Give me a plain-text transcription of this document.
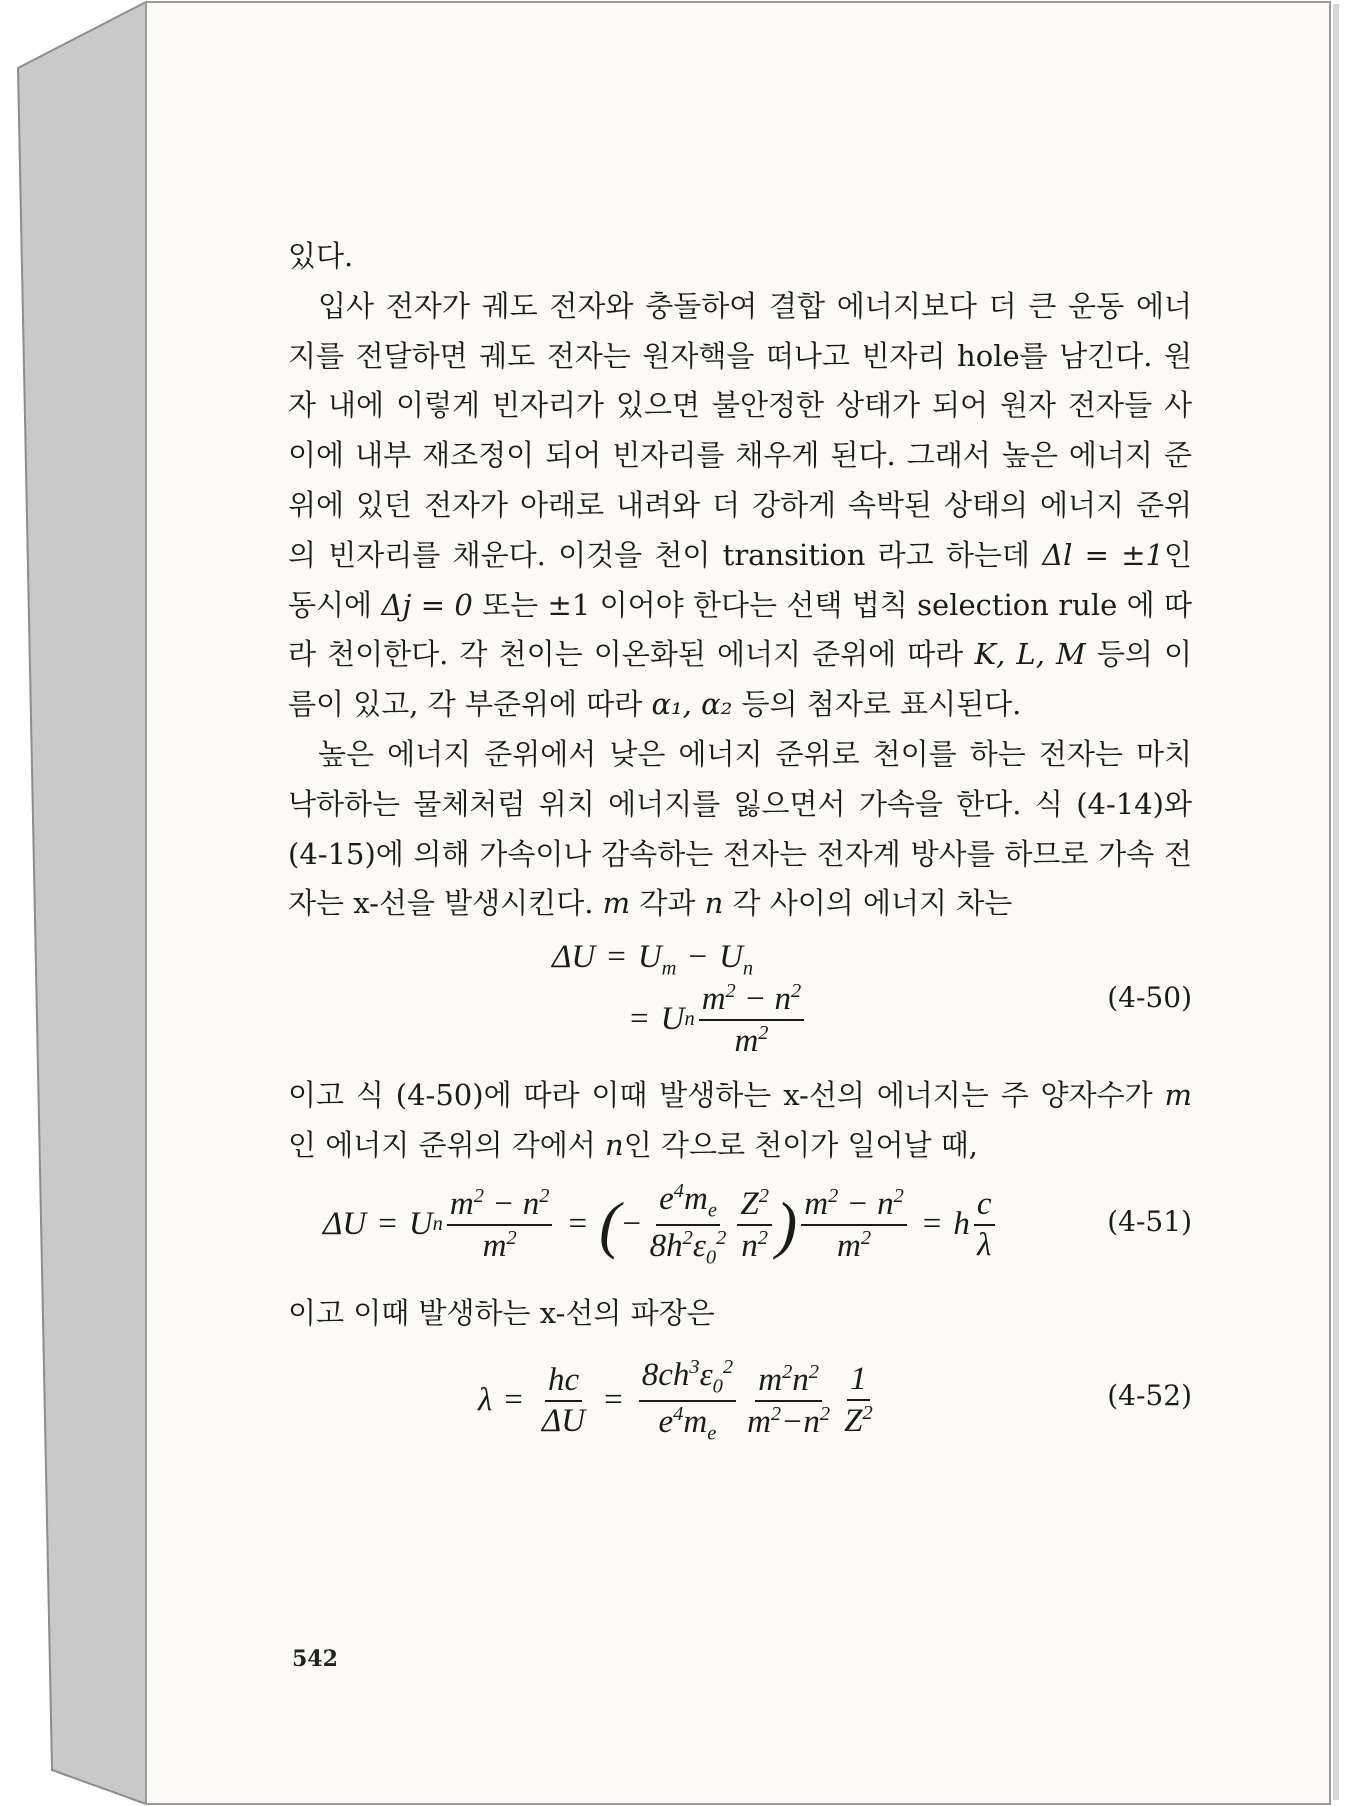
있다.

입사 전자가 궤도 전자와 충돌하여 결합 에너지보다 더 큰 운동 에너지를 전달하면 궤도 전자는 원자핵을 떠나고 빈자리 hole를 남긴다. 원자 내에 이렇게 빈자리가 있으면 불안정한 상태가 되어 원자 전자들 사이에 내부 재조정이 되어 빈자리를 채우게 된다. 그래서 높은 에너지 준위에 있던 전자가 아래로 내려와 더 강하게 속박된 상태의 에너지 준위의 빈자리를 채운다. 이것을 천이 transition 라고 하는데 Δl = ±1인 동시에 Δj = 0 또는 ±1 이어야 한다는 선택 법칙 selection rule 에 따라 천이한다. 각 천이는 이온화된 에너지 준위에 따라 K, L, M 등의 이름이 있고, 각 부준위에 따라 α₁, α₂ 등의 첨자로 표시된다.

높은 에너지 준위에서 낮은 에너지 준위로 천이를 하는 전자는 마치 낙하하는 물체처럼 위치 에너지를 잃으면서 가속을 한다. 식 (4-14)와 (4-15)에 의해 가속이나 감속하는 전자는 전자계 방사를 하므로 가속 전자는 x-선을 발생시킨다. m 각과 n 각 사이의 에너지 차는

$\Delta U = U_m - U_n$
= U n $\frac{m^2 - n^2}{m^2}$	(4-50)

이고 식 (4-50)에 따라 이때 발생하는 x-선의 에너지는 주 양자수가 m인 에너지 준위의 각에서 n인 각으로 천이가 일어날 때,

ΔU = U n $\frac{m^2 - n^2}{m^2}$ = ( − $\frac{e^4m_e}{8h^2\varepsilon_0^2} \frac{Z^2}{n^2}$ ) $\frac{m^2 - n^2}{m^2} = h \frac{c}{\lambda}$	(4-51)

이고 이때 발생하는 x-선의 파장은

$\lambda = \frac{hc}{\Delta U} = \frac{8ch^3\varepsilon_0^2}{e^4m_e} \frac{m^2n^2}{m^2-n^2} \frac{1}{Z^2}$	(4-52)
542
